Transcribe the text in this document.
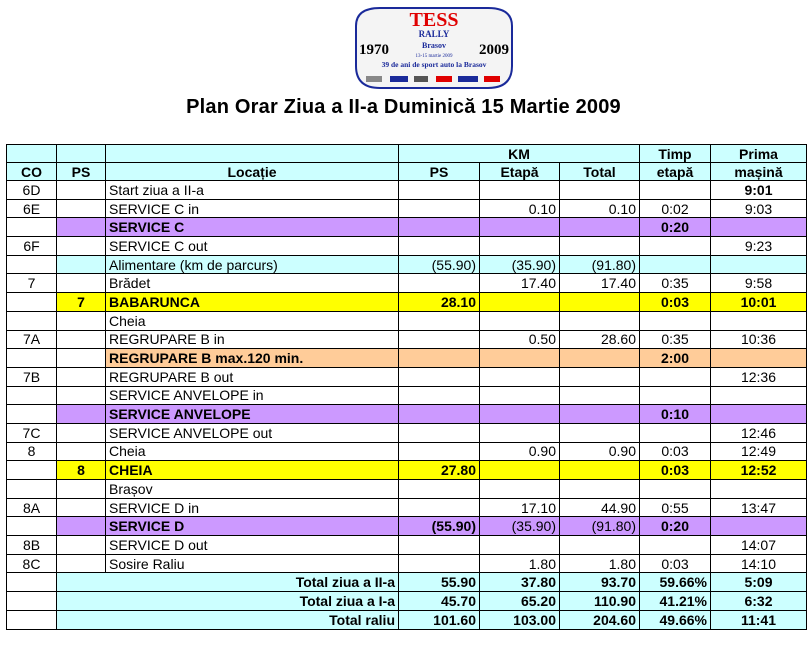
TESS
RALLY
1970	2009
Brasov
13-15 martie 2009
39 de ani de sport auto la Brasov
Plan Orar Ziua a II-a Duminică 15 Martie 2009
			KM			Timp	Prima
CO	PS	Locație	PS	Etapă	Total	etapă	mașină
6D		Start ziua a II-a					9:01
6E		SERVICE C in		0.10	0.10	0:02	9:03
		SERVICE C				0:20	
6F		SERVICE C out					9:23
		Alimentare (km de parcurs)	(55.90)	(35.90)	(91.80)		
7		Brădet		17.40	17.40	0:35	9:58
	7	BABARUNCA	28.10			0:03	10:01
		Cheia					
7A		REGRUPARE B in		0.50	28.60	0:35	10:36
		REGRUPARE B max.120 min.				2:00	
7B		REGRUPARE B out					12:36
		SERVICE ANVELOPE in					
		SERVICE ANVELOPE				0:10	
7C		SERVICE ANVELOPE out					12:46
8		Cheia		0.90	0.90	0:03	12:49
	8	CHEIA	27.80			0:03	12:52
		Brașov					
8A		SERVICE D in		17.10	44.90	0:55	13:47
		SERVICE D	(55.90)	(35.90)	(91.80)	0:20	
8B		SERVICE D out					14:07
8C		Sosire Raliu		1.80	1.80	0:03	14:10
	Total ziua a II-a		55.90	37.80	93.70	59.66%	5:09
	Total ziua a I-a		45.70	65.20	110.90	41.21%	6:32
	Total raliu		101.60	103.00	204.60	49.66%	11:41
